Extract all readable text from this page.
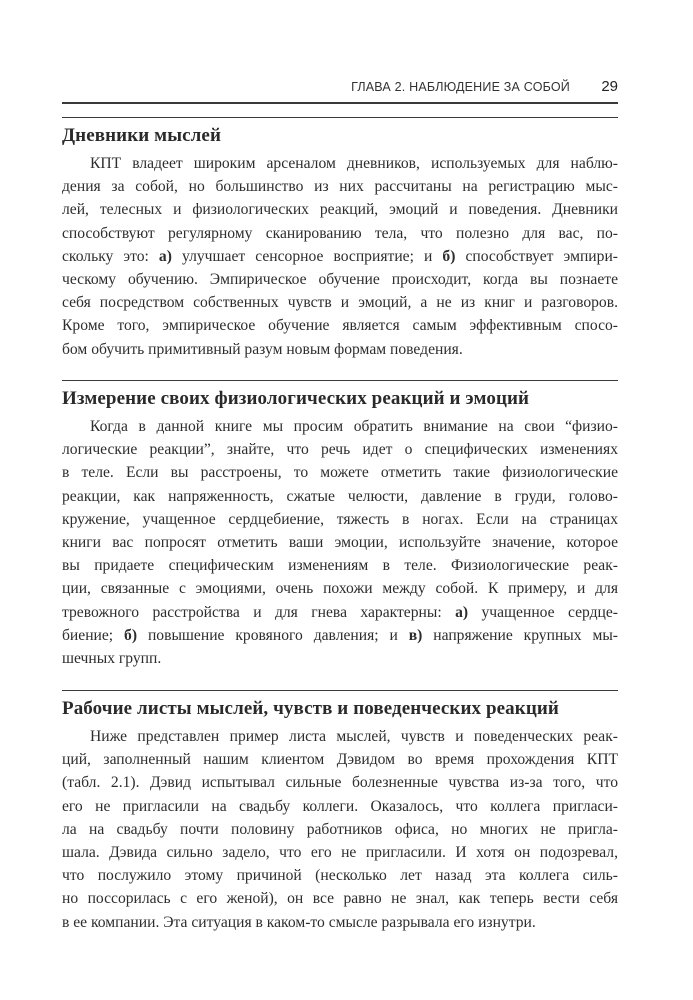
ГЛАВА 2. НАБЛЮДЕНИЕ ЗА СОБОЙ 29
Дневники мыслей
КПТ владеет широким арсеналом дневников, используемых для наблю-
дения за собой, но большинство из них рассчитаны на регистрацию мыс-
лей, телесных и физиологических реакций, эмоций и поведения. Дневники
способствуют регулярному сканированию тела, что полезно для вас, по-
скольку это: а) улучшает сенсорное восприятие; и б) способствует эмпири-
ческому обучению. Эмпирическое обучение происходит, когда вы познаете
себя посредством собственных чувств и эмоций, а не из книг и разговоров.
Кроме того, эмпирическое обучение является самым эффективным спосо-
бом обучить примитивный разум новым формам поведения.
Измерение своих физиологических реакций и эмоций
Когда в данной книге мы просим обратить внимание на свои “физио-
логические реакции”, знайте, что речь идет о специфических изменениях
в теле. Если вы расстроены, то можете отметить такие физиологические
реакции, как напряженность, сжатые челюсти, давление в груди, голово-
кружение, учащенное сердцебиение, тяжесть в ногах. Если на страницах
книги вас попросят отметить ваши эмоции, используйте значение, которое
вы придаете специфическим изменениям в теле. Физиологические реак-
ции, связанные с эмоциями, очень похожи между собой. К примеру, и для
тревожного расстройства и для гнева характерны: а) учащенное сердце-
биение; б) повышение кровяного давления; и в) напряжение крупных мы-
шечных групп.
Рабочие листы мыслей, чувств и поведенческих реакций
Ниже представлен пример листа мыслей, чувств и поведенческих реак-
ций, заполненный нашим клиентом Дэвидом во время прохождения КПТ
(табл. 2.1). Дэвид испытывал сильные болезненные чувства из-за того, что
его не пригласили на свадьбу коллеги. Оказалось, что коллега пригласи-
ла на свадьбу почти половину работников офиса, но многих не пригла-
шала. Дэвида сильно задело, что его не пригласили. И хотя он подозревал,
что послужило этому причиной (несколько лет назад эта коллега силь-
но поссорилась с его женой), он все равно не знал, как теперь вести себя
в ее компании. Эта ситуация в каком-то смысле разрывала его изнутри.
